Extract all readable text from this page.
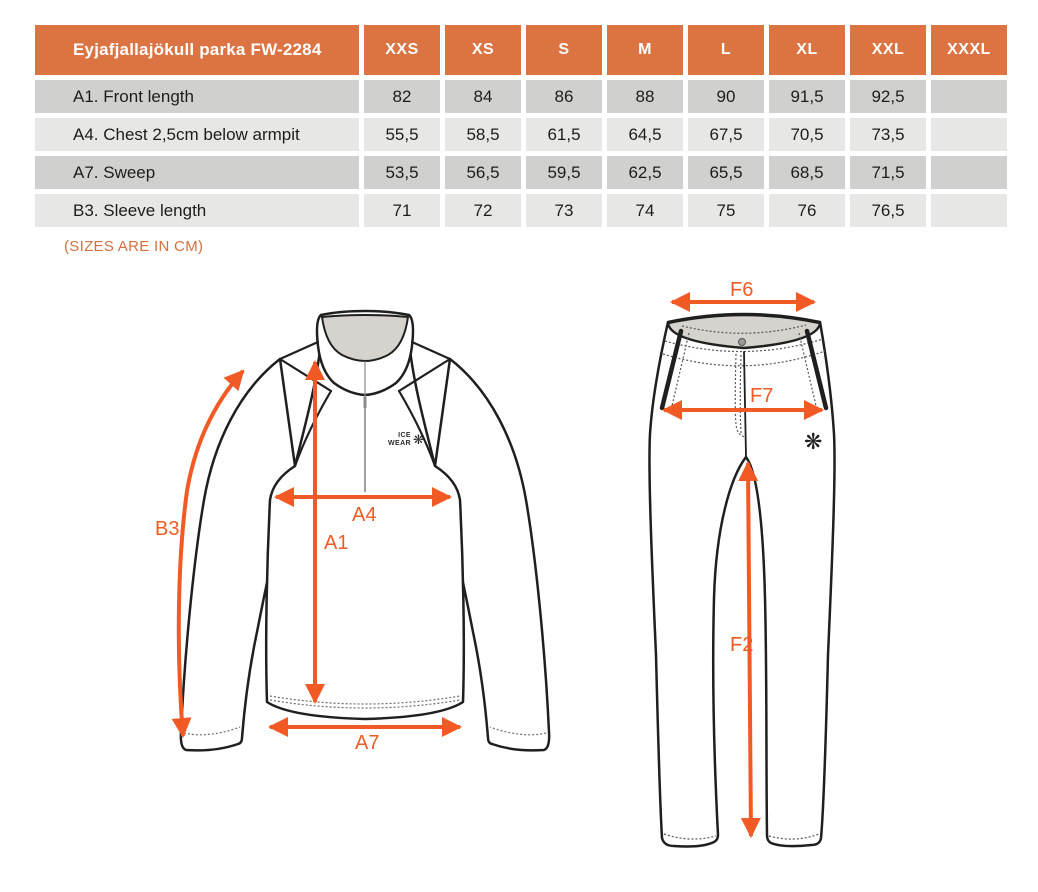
Eyjafjallajökull parka FW-2284	XXS	XS	S	M	L	XL	XXL	XXXL
A1. Front length	82	84	86	88	90	91,5	92,5
A4. Chest 2,5cm below armpit	55,5	58,5	61,5	64,5	67,5	70,5	73,5
A7. Sweep	53,5	56,5	59,5	62,5	65,5	68,5	71,5
B3. Sleeve length	71	72	73	74	75	76	76,5
(SIZES ARE IN CM)
B3
A4
A1
A7
ICE
WEAR ❋
F6
F7
F2
❋
